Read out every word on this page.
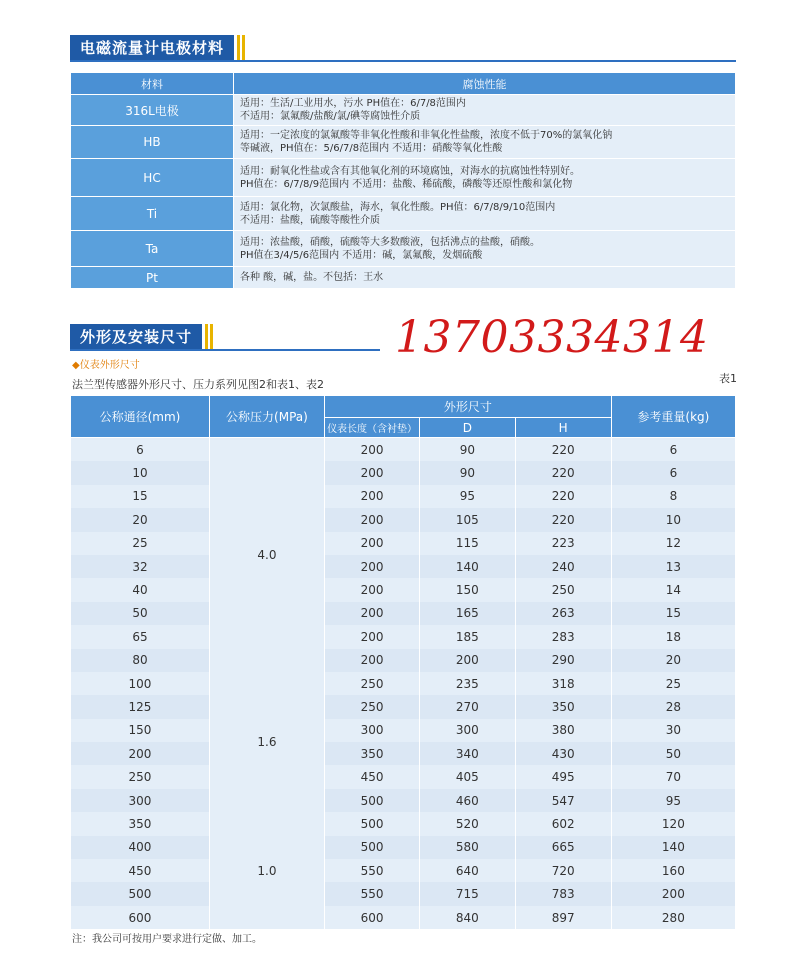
电磁流量计电极材料
材料	腐蚀性能
316L电极	适用：生活/工业用水，污水 PH值在：6/7/8范围内
不适用：氯氟酸/盐酸/氯/碘等腐蚀性介质

HB	适用：一定浓度的氯氟酸等非氧化性酸和非氧化性盐酸，浓度不低于70%的氯氧化钠
等碱液，PH值在：5/6/7/8范围内 不适用：硝酸等氧化性酸

HC	适用：耐氧化性盐或含有其他氧化剂的环境腐蚀，对海水的抗腐蚀性特别好。
PH值在：6/7/8/9范围内 不适用：盐酸、稀硫酸，磷酸等还原性酸和氯化物

Ti	适用：氯化物，次氯酸盐，海水，氧化性酸。PH值：6/7/8/9/10范围内
不适用：盐酸，硫酸等酸性介质

Ta	适用：浓盐酸，硝酸，硫酸等大多数酸液，包括沸点的盐酸，硝酸。
PH值在3/4/5/6范围内 不适用：碱，氯氟酸，发烟硫酸

Pt	各种 酸，碱，盐。不包括：王水
外形及安装尺寸	13703334314
◆仪表外形尺寸
法兰型传感器外形尺寸、压力系列见图2和表1、表2	表1
公称通径(mm)	公称压力(MPa)	外形尺寸			参考重量(kg)
		仪表长度（含衬垫）	D	H	
6	4.0	200	90	220	6
10		200	90	220	6
15		200	95	220	8
20		200	105	220	10
25		200	115	223	12
32		200	140	240	13
40		200	150	250	14
50		200	165	263	15
65		200	185	283	18
80		200	200	290	20
100	1.6	250	235	318	25
125		250	270	350	28
150		300	300	380	30
200		350	340	430	50
250		450	405	495	70
300		500	460	547	95
350	1.0	500	520	602	120
400		500	580	665	140
450		550	640	720	160
500		550	715	783	200
600		600	840	897	280
注：我公司可按用户要求进行定做、加工。
